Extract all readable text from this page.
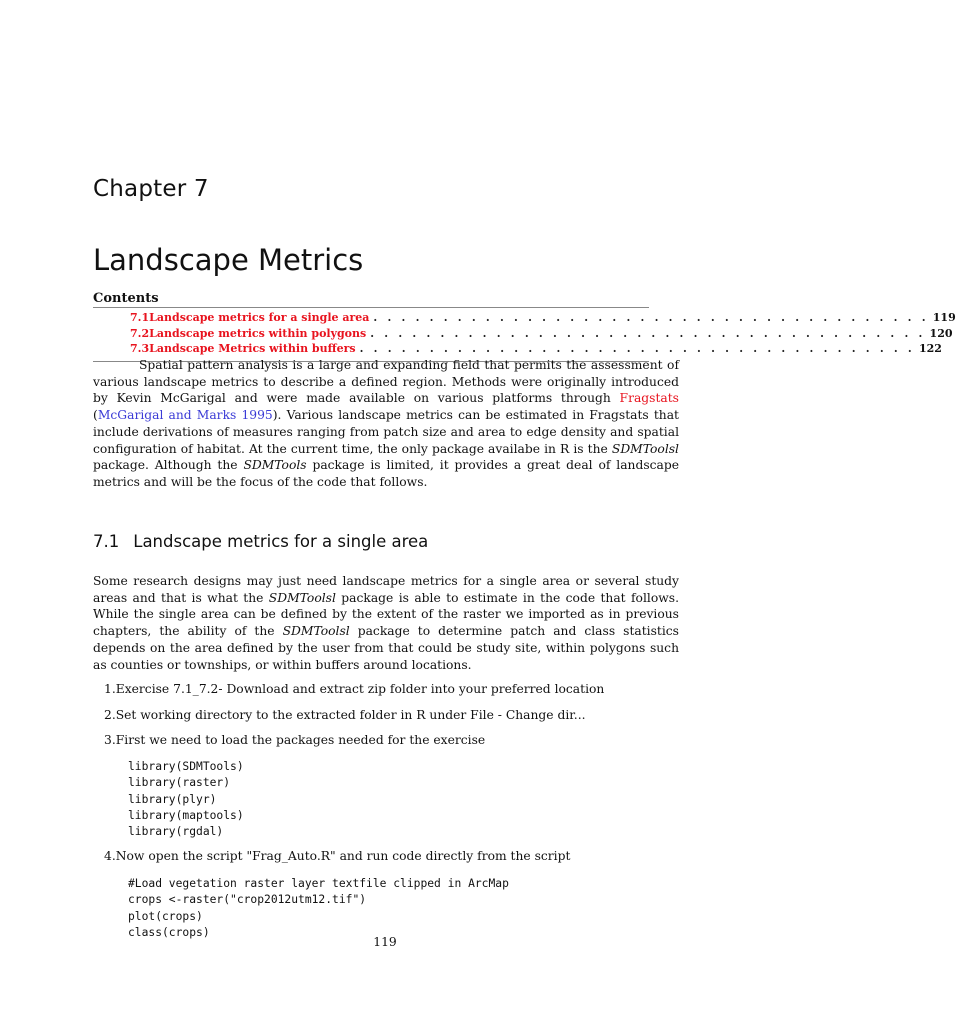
Chapter 7
Landscape Metrics
Contents
7.1 Landscape metrics for a single area . . . . . . . . . . . . . . . . . . . . . . . . . . . . . . . . . . . . . . . . 119
7.2 Landscape metrics within polygons . . . . . . . . . . . . . . . . . . . . . . . . . . . . . . . . . . . . . . . . 120
7.3 Landscape Metrics within buffers . . . . . . . . . . . . . . . . . . . . . . . . . . . . . . . . . . . . . . . . 122

Spatial pattern analysis is a large and expanding field that permits the assessment of various landscape metrics to describe a defined region. Methods were originally introduced by Kevin McGarigal and were made available on various platforms through Fragstats (McGarigal and Marks 1995). Various landscape metrics can be estimated in Fragstats that include derivations of measures ranging from patch size and area to edge density and spatial configuration of habitat. At the current time, the only package availabe in R is the SDMToolsl package. Although the SDMTools package is limited, it provides a great deal of landscape metrics and will be the focus of the code that follows.

7.1 Landscape metrics for a single area

Some research designs may just need landscape metrics for a single area or several study areas and that is what the SDMToolsl package is able to estimate in the code that follows. While the single area can be defined by the extent of the raster we imported as in previous chapters, the ability of the SDMToolsl package to determine patch and class statistics depends on the area defined by the user from that could be study site, within polygons such as counties or townships, or within buffers around locations.

1.Exercise 7.1_7.2- Download and extract zip folder into your preferred location
2.Set working directory to the extracted folder in R under File - Change dir...
3.First we need to load the packages needed for the exercise
library(SDMTools)
library(raster)
library(plyr)
library(maptools)
library(rgdal)
4.Now open the script "Frag_Auto.R" and run code directly from the script
#Load vegetation raster layer textfile clipped in ArcMap
crops <-raster("crop2012utm12.tif")
plot(crops)
class(crops)
119
